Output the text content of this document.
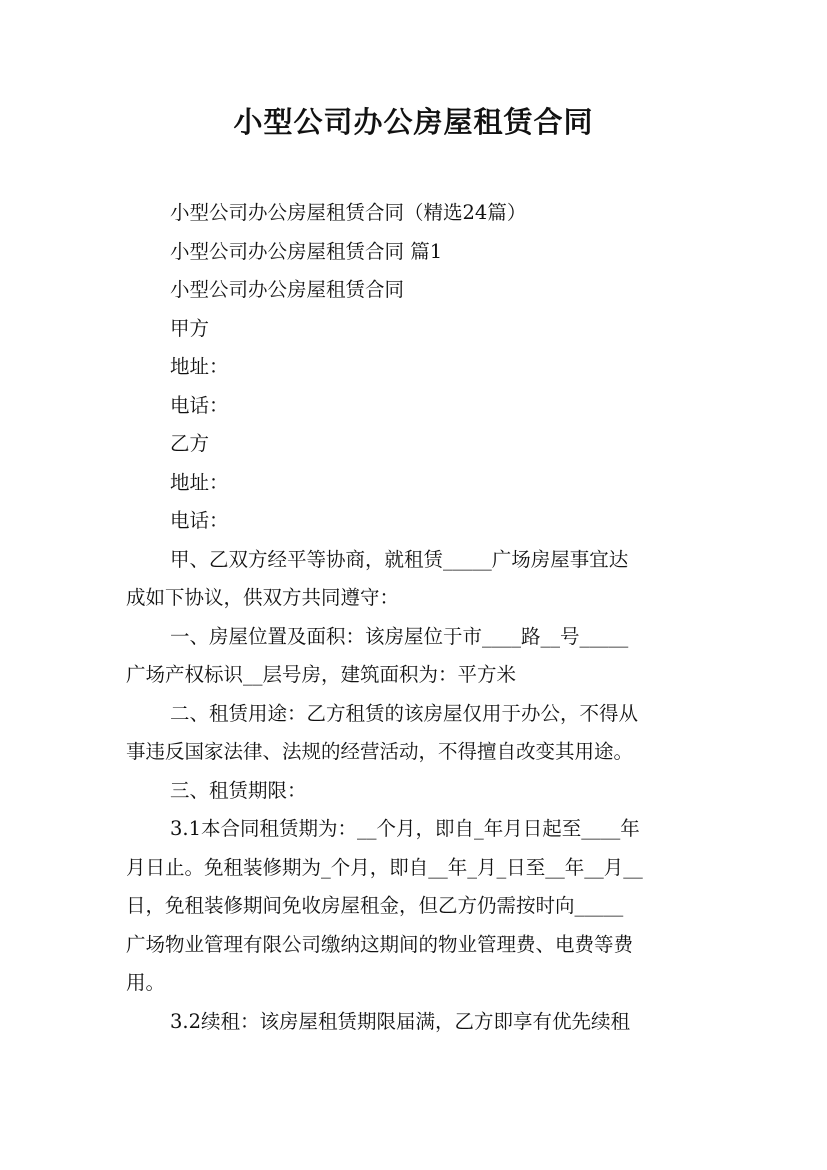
小型公司办公房屋租赁合同
小型公司办公房屋租赁合同（精选24篇）
小型公司办公房屋租赁合同 篇1
小型公司办公房屋租赁合同
甲方
地址：
电话：
乙方
地址：
电话：
甲、乙双方经平等协商，就租赁_____广场房屋事宜达
成如下协议，供双方共同遵守：
一、房屋位置及面积：该房屋位于市____路__号_____
广场产权标识__层号房，建筑面积为：平方米
二、租赁用途：乙方租赁的该房屋仅用于办公，不得从
事违反国家法律、法规的经营活动，不得擅自改变其用途。
三、租赁期限：
3.1本合同租赁期为：__个月，即自_年月日起至____年
月日止。免租装修期为_个月，即自__年_月_日至__年__月__
日，免租装修期间免收房屋租金，但乙方仍需按时向_____
广场物业管理有限公司缴纳这期间的物业管理费、电费等费
用。
3.2续租：该房屋租赁期限届满，乙方即享有优先续租
